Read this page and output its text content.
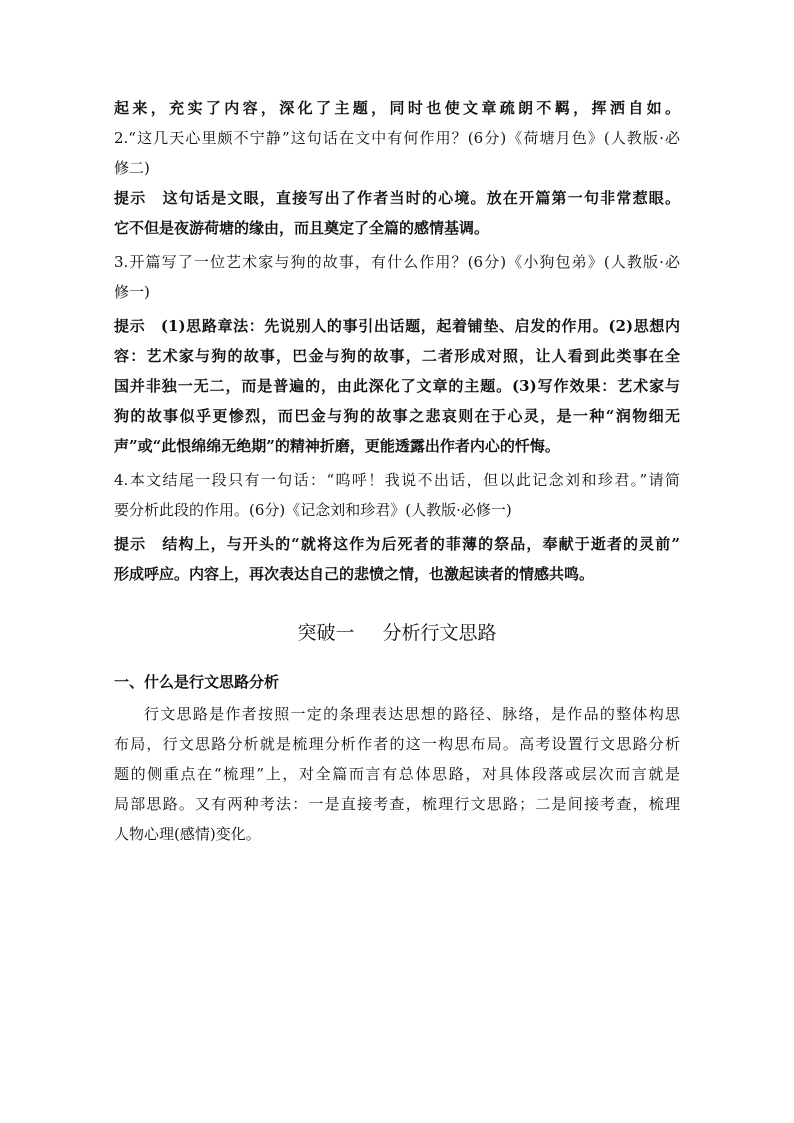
起来，充实了内容，深化了主题，同时也使文章疏朗不羁，挥洒自如。
2.“这几天心里颇不宁静”这句话在文中有何作用？(6分)《荷塘月色》(人教版·必
修二)
提示　这句话是文眼，直接写出了作者当时的心境。放在开篇第一句非常惹眼。
它不但是夜游荷塘的缘由，而且奠定了全篇的感情基调。
3.开篇写了一位艺术家与狗的故事，有什么作用？(6分)《小狗包弟》(人教版·必
修一)
提示　(1)思路章法：先说别人的事引出话题，起着铺垫、启发的作用。(2)思想内
容：艺术家与狗的故事，巴金与狗的故事，二者形成对照，让人看到此类事在全
国并非独一无二，而是普遍的，由此深化了文章的主题。(3)写作效果：艺术家与
狗的故事似乎更惨烈，而巴金与狗的故事之悲哀则在于心灵，是一种“润物细无
声”或“此恨绵绵无绝期”的精神折磨，更能透露出作者内心的忏悔。
4.本文结尾一段只有一句话：“呜呼！我说不出话，但以此记念刘和珍君。”请简
要分析此段的作用。(6分)《记念刘和珍君》(人教版·必修一)
提示　结构上，与开头的“就将这作为后死者的菲薄的祭品，奉献于逝者的灵前”
形成呼应。内容上，再次表达自己的悲愤之情，也激起读者的情感共鸣。
突破一 分析行文思路
一、什么是行文思路分析
行文思路是作者按照一定的条理表达思想的路径、脉络，是作品的整体构思
布局，行文思路分析就是梳理分析作者的这一构思布局。高考设置行文思路分析
题的侧重点在“梳理”上，对全篇而言有总体思路，对具体段落或层次而言就是
局部思路。又有两种考法：一是直接考查，梳理行文思路；二是间接考查，梳理
人物心理(感情)变化。
